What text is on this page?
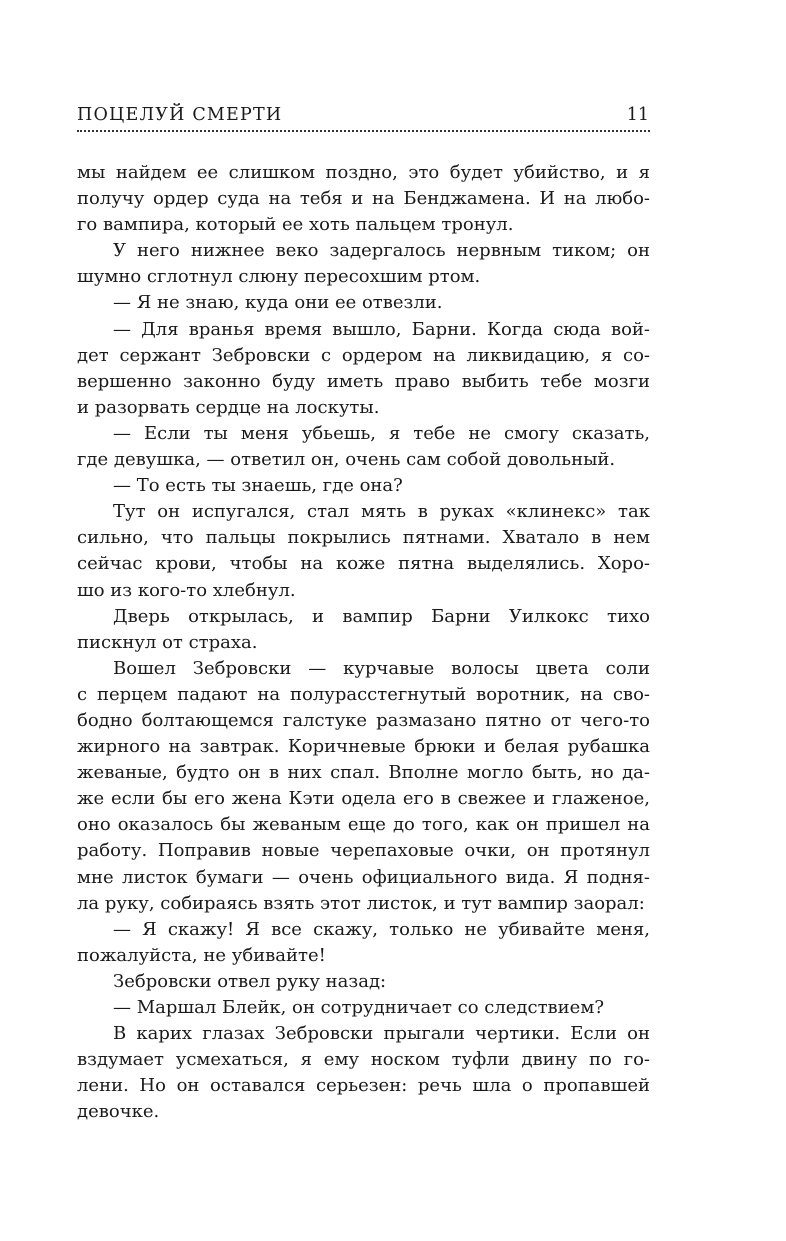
ПОЦЕЛУЙ СМЕРТИ	11
мы найдем ее слишком поздно, это будет убийство, и я
получу ордер суда на тебя и на Бенджамена. И на любо-
го вампира, который ее хоть пальцем тронул.
У него нижнее веко задергалось нервным тиком; он
шумно сглотнул слюну пересохшим ртом.
— Я не знаю, куда они ее отвезли.
— Для вранья время вышло, Барни. Когда сюда вой-
дет сержант Зебровски с ордером на ликвидацию, я со-
вершенно законно буду иметь право выбить тебе мозги
и разорвать сердце на лоскуты.
— Если ты меня убьешь, я тебе не смогу сказать,
где девушка, — ответил он, очень сам собой довольный.
— То есть ты знаешь, где она?
Тут он испугался, стал мять в руках «клинекс» так
сильно, что пальцы покрылись пятнами. Хватало в нем
сейчас крови, чтобы на коже пятна выделялись. Хоро-
шо из кого-то хлебнул.
Дверь открылась, и вампир Барни Уилкокс тихо
пискнул от страха.
Вошел Зебровски — курчавые волосы цвета соли
с перцем падают на полурасстегнутый воротник, на сво-
бодно болтающемся галстуке размазано пятно от чего-то
жирного на завтрак. Коричневые брюки и белая рубашка
жеваные, будто он в них спал. Вполне могло быть, но да-
же если бы его жена Кэти одела его в свежее и глаженое,
оно оказалось бы жеваным еще до того, как он пришел на
работу. Поправив новые черепаховые очки, он протянул
мне листок бумаги — очень официального вида. Я подня-
ла руку, собираясь взять этот листок, и тут вампир заорал:
— Я скажу! Я все скажу, только не убивайте меня,
пожалуйста, не убивайте!
Зебровски отвел руку назад:
— Маршал Блейк, он сотрудничает со следствием?
В карих глазах Зебровски прыгали чертики. Если он
вздумает усмехаться, я ему носком туфли двину по го-
лени. Но он оставался серьезен: речь шла о пропавшей
девочке.
